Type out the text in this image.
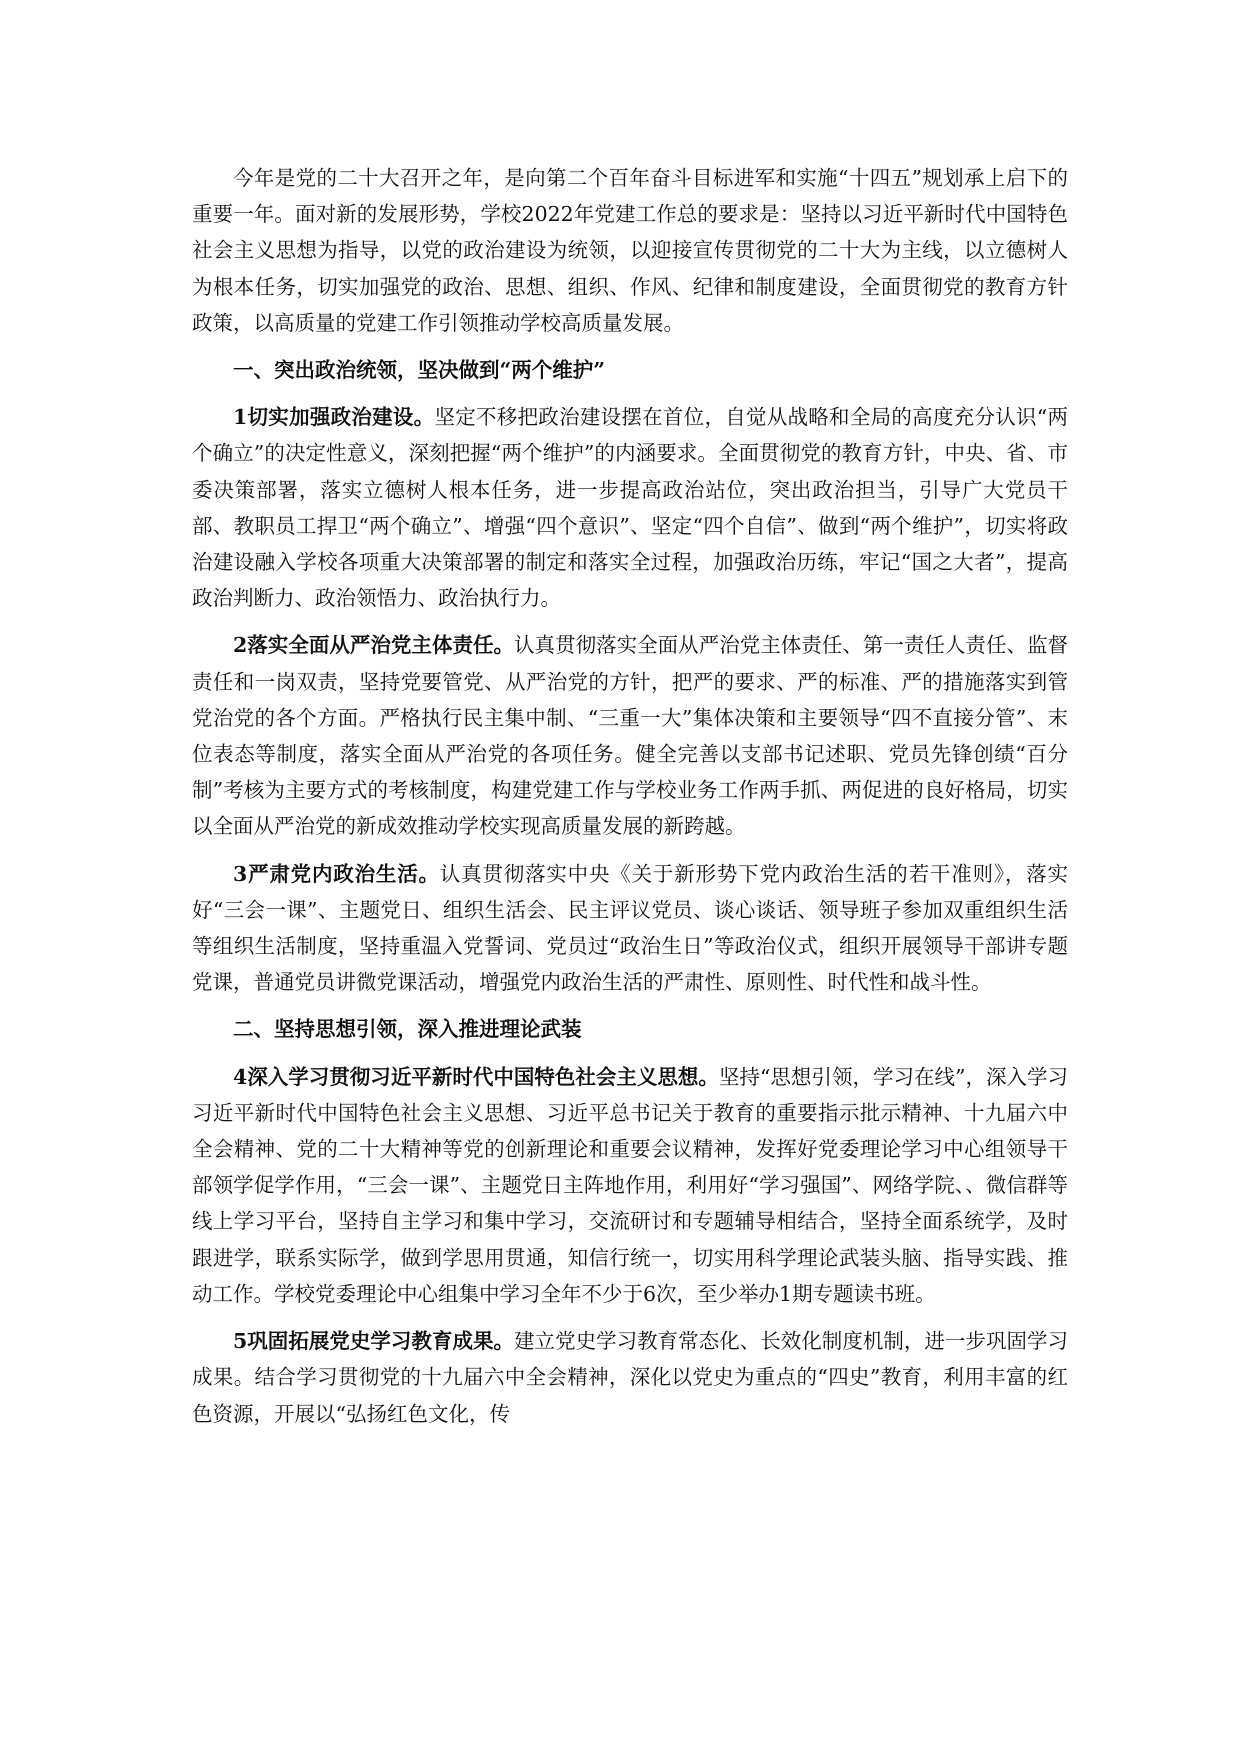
今年是党的二十大召开之年，是向第二个百年奋斗目标进军和实施“十四五”规划承上启下的重要一年。面对新的发展形势，学校2022年党建工作总的要求是：坚持以习近平新时代中国特色社会主义思想为指导，以党的政治建设为统领，以迎接宣传贯彻党的二十大为主线，以立德树人为根本任务，切实加强党的政治、思想、组织、作风、纪律和制度建设，全面贯彻党的教育方针政策，以高质量的党建工作引领推动学校高质量发展。

一、突出政治统领，坚决做到“两个维护”

1切实加强政治建设。坚定不移把政治建设摆在首位，自觉从战略和全局的高度充分认识“两个确立”的决定性意义，深刻把握“两个维护”的内涵要求。全面贯彻党的教育方针，中央、省、市委决策部署，落实立德树人根本任务，进一步提高政治站位，突出政治担当，引导广大党员干部、教职员工捍卫“两个确立”、增强“四个意识”、坚定“四个自信”、做到“两个维护”，切实将政治建设融入学校各项重大决策部署的制定和落实全过程，加强政治历练，牢记“国之大者”，提高政治判断力、政治领悟力、政治执行力。

2落实全面从严治党主体责任。认真贯彻落实全面从严治党主体责任、第一责任人责任、监督责任和一岗双责，坚持党要管党、从严治党的方针，把严的要求、严的标准、严的措施落实到管党治党的各个方面。严格执行民主集中制、“三重一大”集体决策和主要领导“四不直接分管”、末位表态等制度，落实全面从严治党的各项任务。健全完善以支部书记述职、党员先锋创绩“百分制”考核为主要方式的考核制度，构建党建工作与学校业务工作两手抓、两促进的良好格局，切实以全面从严治党的新成效推动学校实现高质量发展的新跨越。

3严肃党内政治生活。认真贯彻落实中央《关于新形势下党内政治生活的若干准则》，落实好“三会一课”、主题党日、组织生活会、民主评议党员、谈心谈话、领导班子参加双重组织生活等组织生活制度，坚持重温入党誓词、党员过“政治生日”等政治仪式，组织开展领导干部讲专题党课，普通党员讲微党课活动，增强党内政治生活的严肃性、原则性、时代性和战斗性。

二、坚持思想引领，深入推进理论武装

4深入学习贯彻习近平新时代中国特色社会主义思想。坚持“思想引领，学习在线”，深入学习习近平新时代中国特色社会主义思想、习近平总书记关于教育的重要指示批示精神、十九届六中全会精神、党的二十大精神等党的创新理论和重要会议精神，发挥好党委理论学习中心组领导干部领学促学作用，“三会一课”、主题党日主阵地作用，利用好“学习强国”、网络学院、、微信群等线上学习平台，坚持自主学习和集中学习，交流研讨和专题辅导相结合，坚持全面系统学，及时跟进学，联系实际学，做到学思用贯通，知信行统一，切实用科学理论武装头脑、指导实践、推动工作。学校党委理论中心组集中学习全年不少于6次，至少举办1期专题读书班。

5巩固拓展党史学习教育成果。建立党史学习教育常态化、长效化制度机制，进一步巩固学习成果。结合学习贯彻党的十九届六中全会精神，深化以党史为重点的“四史”教育，利用丰富的红色资源，开展以“弘扬红色文化，传
